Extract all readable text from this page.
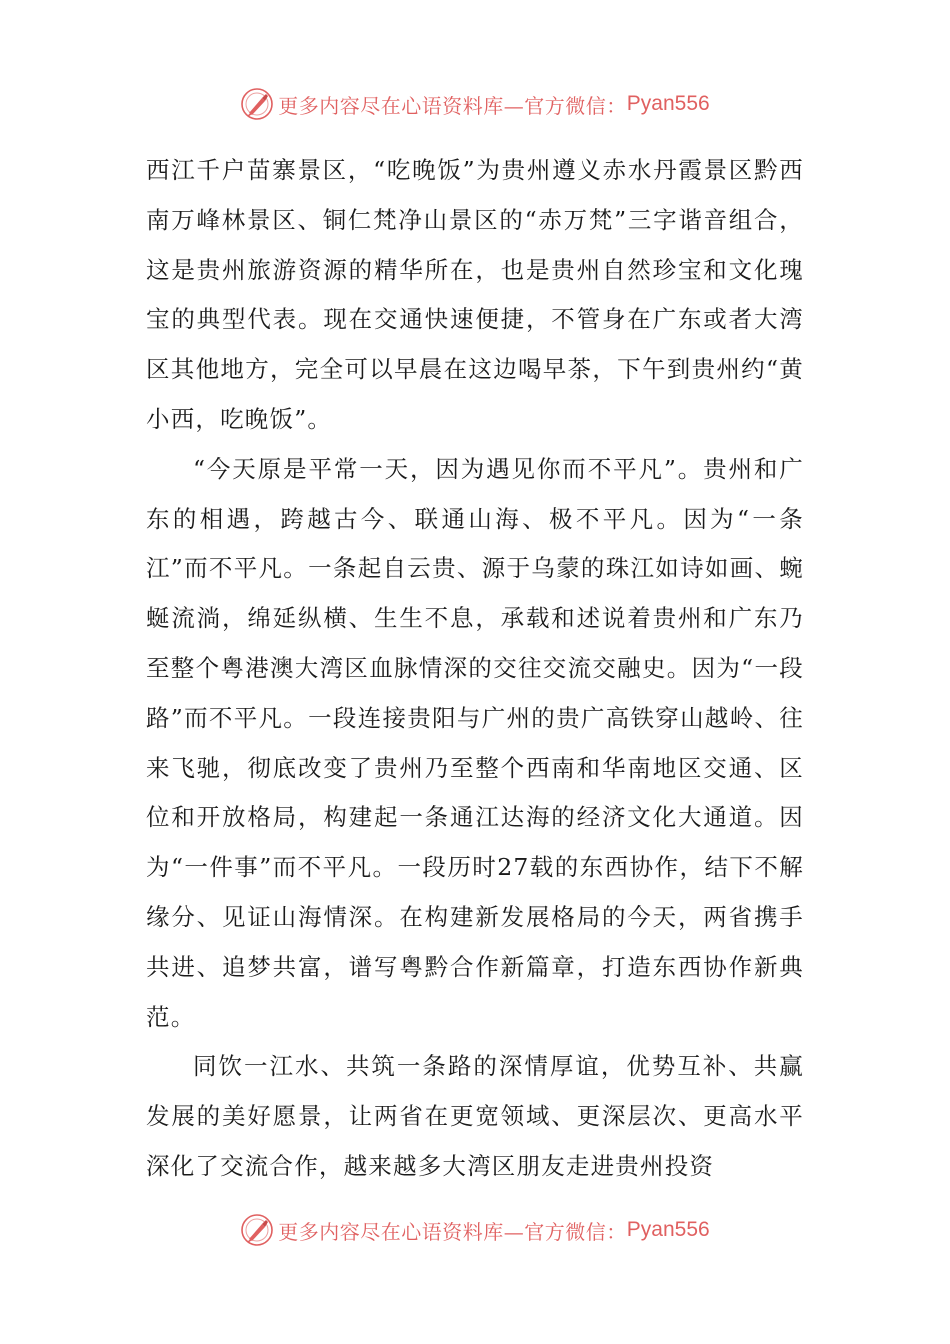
更多内容尽在心语资料库—官方微信： Pyan556

西江千户苗寨景区，“吃晚饭”为贵州遵义赤水丹霞景区黔西南万峰林景区、铜仁梵净山景区的“赤万梵”三字谐音组合，这是贵州旅游资源的精华所在，也是贵州自然珍宝和文化瑰宝的典型代表。现在交通快速便捷，不管身在广东或者大湾区其他地方，完全可以早晨在这边喝早茶，下午到贵州约“黄小西，吃晚饭”。

“今天原是平常一天，因为遇见你而不平凡”。贵州和广东的相遇，跨越古今、联通山海、极不平凡。因为“一条江”而不平凡。一条起自云贵、源于乌蒙的珠江如诗如画、蜿蜒流淌，绵延纵横、生生不息，承载和述说着贵州和广东乃至整个粤港澳大湾区血脉情深的交往交流交融史。因为“一段路”而不平凡。一段连接贵阳与广州的贵广高铁穿山越岭、往来飞驰，彻底改变了贵州乃至整个西南和华南地区交通、区位和开放格局，构建起一条通江达海的经济文化大通道。因为“一件事”而不平凡。一段历时27载的东西协作，结下不解缘分、见证山海情深。在构建新发展格局的今天，两省携手共进、追梦共富，谱写粤黔合作新篇章，打造东西协作新典范。

同饮一江水、共筑一条路的深情厚谊，优势互补、共赢发展的美好愿景，让两省在更宽领域、更深层次、更高水平深化了交流合作，越来越多大湾区朋友走进贵州投资

更多内容尽在心语资料库—官方微信： Pyan556
